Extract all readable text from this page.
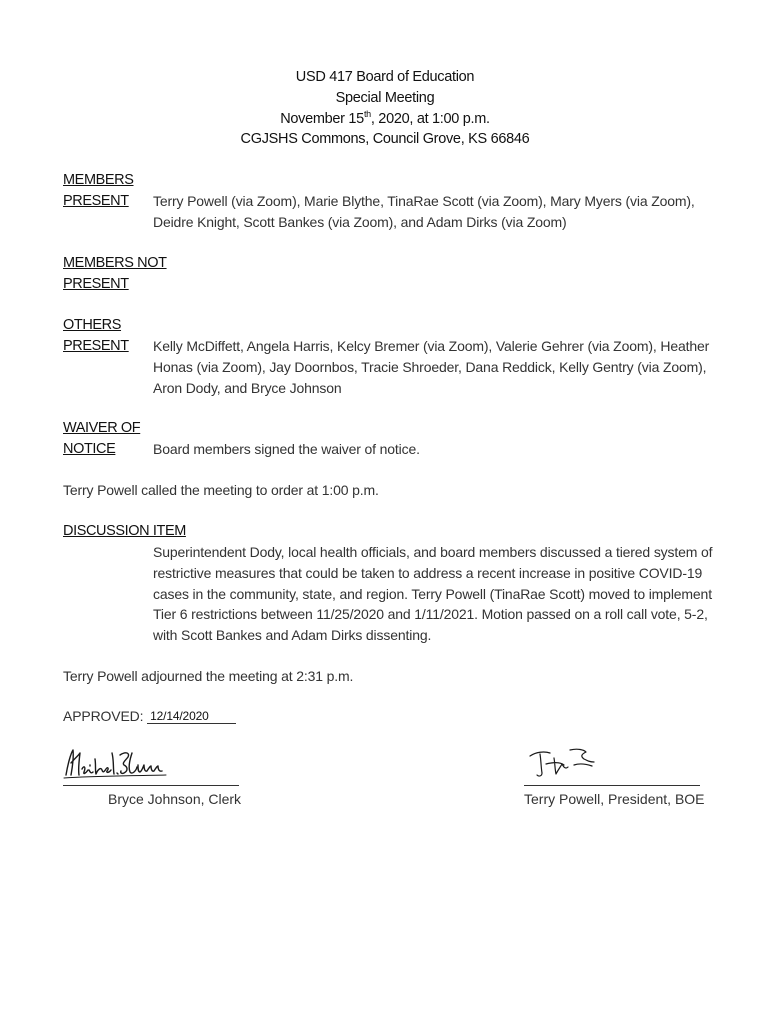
USD 417 Board of Education
Special Meeting
November 15th, 2020, at 1:00 p.m.
CGJSHS Commons, Council Grove, KS 66846
MEMBERS
PRESENT Terry Powell (via Zoom), Marie Blythe, TinaRae Scott (via Zoom), Mary Myers (via Zoom), Deidre Knight, Scott Bankes (via Zoom), and Adam Dirks (via Zoom)
MEMBERS NOT
PRESENT
OTHERS
PRESENT Kelly McDiffett, Angela Harris, Kelcy Bremer (via Zoom), Valerie Gehrer (via Zoom), Heather Honas (via Zoom), Jay Doornbos, Tracie Shroeder, Dana Reddick, Kelly Gentry (via Zoom), Aron Dody, and Bryce Johnson
WAIVER OF
NOTICE	Board members signed the waiver of notice.
Terry Powell called the meeting to order at 1:00 p.m.
DISCUSSION ITEM
Superintendent Dody, local health officials, and board members discussed a tiered system of restrictive measures that could be taken to address a recent increase in positive COVID-19 cases in the community, state, and region. Terry Powell (TinaRae Scott) moved to implement Tier 6 restrictions between 11/25/2020 and 1/11/2021. Motion passed on a roll call vote, 5-2, with Scott Bankes and Adam Dirks dissenting.
Terry Powell adjourned the meeting at 2:31 p.m.
APPROVED: 12/14/2020
Bryce Johnson, Clerk	Terry Powell, President, BOE
